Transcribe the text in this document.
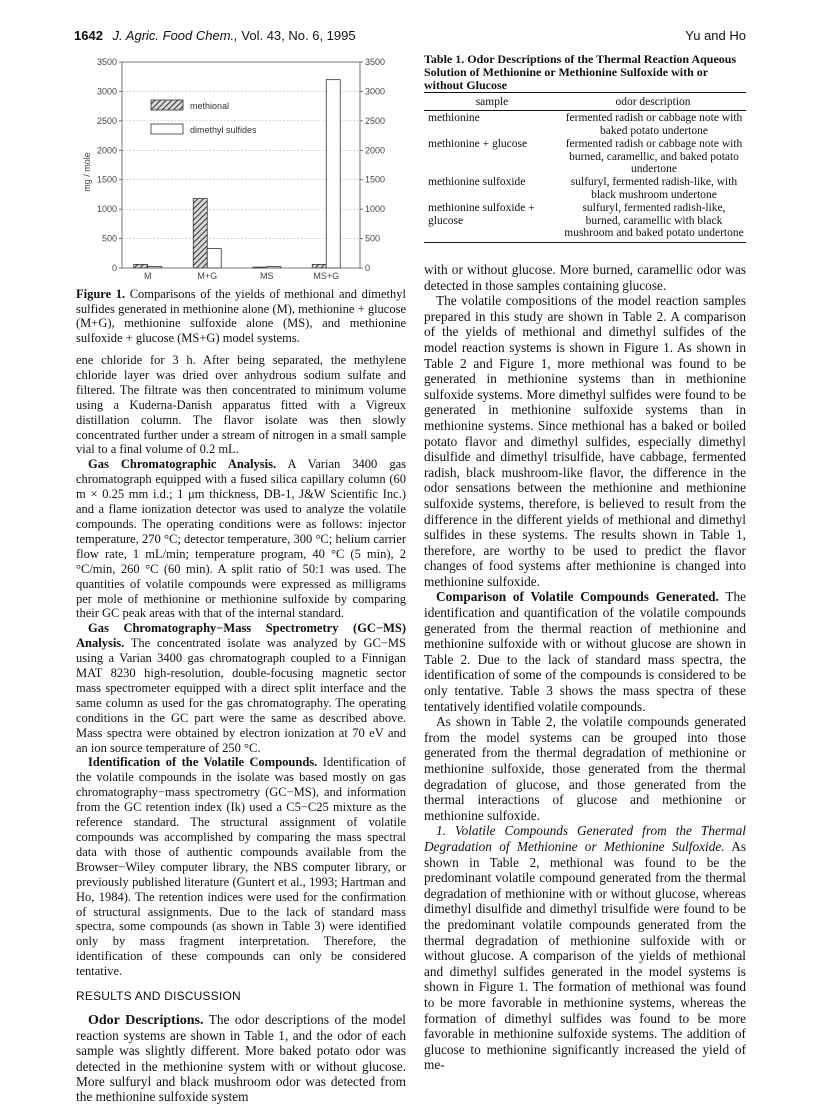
1642 J. Agric. Food Chem., Vol. 43, No. 6, 1995	Yu and Ho
0	0
500	500
1000	1000
1500	1500
2000	2000
2500	2500
3000	3000
3500	3500
M	M+G	MS	MS+G
mg / mole
methional
dimethyl sulfides
Figure 1. Comparisons of the yields of methional and dimethyl sulfides generated in methionine alone (M), methionine + glucose (M+G), methionine sulfoxide alone (MS), and methionine sulfoxide + glucose (MS+G) model systems.

ene chloride for 3 h. After being separated, the methylene chloride layer was dried over anhydrous sodium sulfate and filtered. The filtrate was then concentrated to minimum volume using a Kuderna-Danish apparatus fitted with a Vigreux distillation column. The flavor isolate was then slowly concentrated further under a stream of nitrogen in a small sample vial to a final volume of 0.2 mL.

Gas Chromatographic Analysis. A Varian 3400 gas chromatograph equipped with a fused silica capillary column (60 m × 0.25 mm i.d.; 1 μm thickness, DB-1, J&W Scientific Inc.) and a flame ionization detector was used to analyze the volatile compounds. The operating conditions were as follows: injector temperature, 270 °C; detector temperature, 300 °C; helium carrier flow rate, 1 mL/min; temperature program, 40 °C (5 min), 2 °C/min, 260 °C (60 min). A split ratio of 50:1 was used. The quantities of volatile compounds were expressed as milligrams per mole of methionine or methionine sulfoxide by comparing their GC peak areas with that of the internal standard.

Gas Chromatography−Mass Spectrometry (GC−MS) Analysis. The concentrated isolate was analyzed by GC−MS using a Varian 3400 gas chromatograph coupled to a Finnigan MAT 8230 high-resolution, double-focusing magnetic sector mass spectrometer equipped with a direct split interface and the same column as used for the gas chromatography. The operating conditions in the GC part were the same as described above. Mass spectra were obtained by electron ionization at 70 eV and an ion source temperature of 250 °C.

Identification of the Volatile Compounds. Identification of the volatile compounds in the isolate was based mostly on gas chromatography−mass spectrometry (GC−MS), and information from the GC retention index (Ik) used a C5−C25 mixture as the reference standard. The structural assignment of volatile compounds was accomplished by comparing the mass spectral data with those of authentic compounds available from the Browser−Wiley computer library, the NBS computer library, or previously published literature (Guntert et al., 1993; Hartman and Ho, 1984). The retention indices were used for the confirmation of structural assignments. Due to the lack of standard mass spectra, some compounds (as shown in Table 3) were identified only by mass fragment interpretation. Therefore, the identification of these compounds can only be considered tentative.

RESULTS AND DISCUSSION

Odor Descriptions. The odor descriptions of the model reaction systems are shown in Table 1, and the odor of each sample was slightly different. More baked potato odor was detected in the methionine system with or without glucose. More sulfuryl and black mushroom odor was detected from the methionine sulfoxide system

Table 1. Odor Descriptions of the Thermal Reaction Aqueous Solution of Methionine or Methionine Sulfoxide with or without Glucose
sample	odor description
methionine	fermented radish or cabbage note with baked potato undertone
methionine + glucose	fermented radish or cabbage note with burned, caramellic, and baked potato undertone
methionine sulfoxide	sulfuryl, fermented radish-like, with black mushroom undertone
methionine sulfoxide + glucose	sulfuryl, fermented radish-like, burned, caramellic with black mushroom and baked potato undertone

with or without glucose. More burned, caramellic odor was detected in those samples containing glucose.

The volatile compositions of the model reaction samples prepared in this study are shown in Table 2. A comparison of the yields of methional and dimethyl sulfides of the model reaction systems is shown in Figure 1. As shown in Table 2 and Figure 1, more methional was found to be generated in methionine systems than in methionine sulfoxide systems. More dimethyl sulfides were found to be generated in methionine sulfoxide systems than in methionine systems. Since methional has a baked or boiled potato flavor and dimethyl sulfides, especially dimethyl disulfide and dimethyl trisulfide, have cabbage, fermented radish, black mushroom-like flavor, the difference in the odor sensations between the methionine and methionine sulfoxide systems, therefore, is believed to result from the difference in the different yields of methional and dimethyl sulfides in these systems. The results shown in Table 1, therefore, are worthy to be used to predict the flavor changes of food systems after methionine is changed into methionine sulfoxide.

Comparison of Volatile Compounds Generated. The identification and quantification of the volatile compounds generated from the thermal reaction of methionine and methionine sulfoxide with or without glucose are shown in Table 2. Due to the lack of standard mass spectra, the identification of some of the compounds is considered to be only tentative. Table 3 shows the mass spectra of these tentatively identified volatile compounds.

As shown in Table 2, the volatile compounds generated from the model systems can be grouped into those generated from the thermal degradation of methionine or methionine sulfoxide, those generated from the thermal degradation of glucose, and those generated from the thermal interactions of glucose and methionine or methionine sulfoxide.

1. Volatile Compounds Generated from the Thermal Degradation of Methionine or Methionine Sulfoxide. As shown in Table 2, methional was found to be the predominant volatile compound generated from the thermal degradation of methionine with or without glucose, whereas dimethyl disulfide and dimethyl trisulfide were found to be the predominant volatile compounds generated from the thermal degradation of methionine sulfoxide with or without glucose. A comparison of the yields of methional and dimethyl sulfides generated in the model systems is shown in Figure 1. The formation of methional was found to be more favorable in methionine systems, whereas the formation of dimethyl sulfides was found to be more favorable in methionine sulfoxide systems. The addition of glucose to methionine significantly increased the yield of me-
